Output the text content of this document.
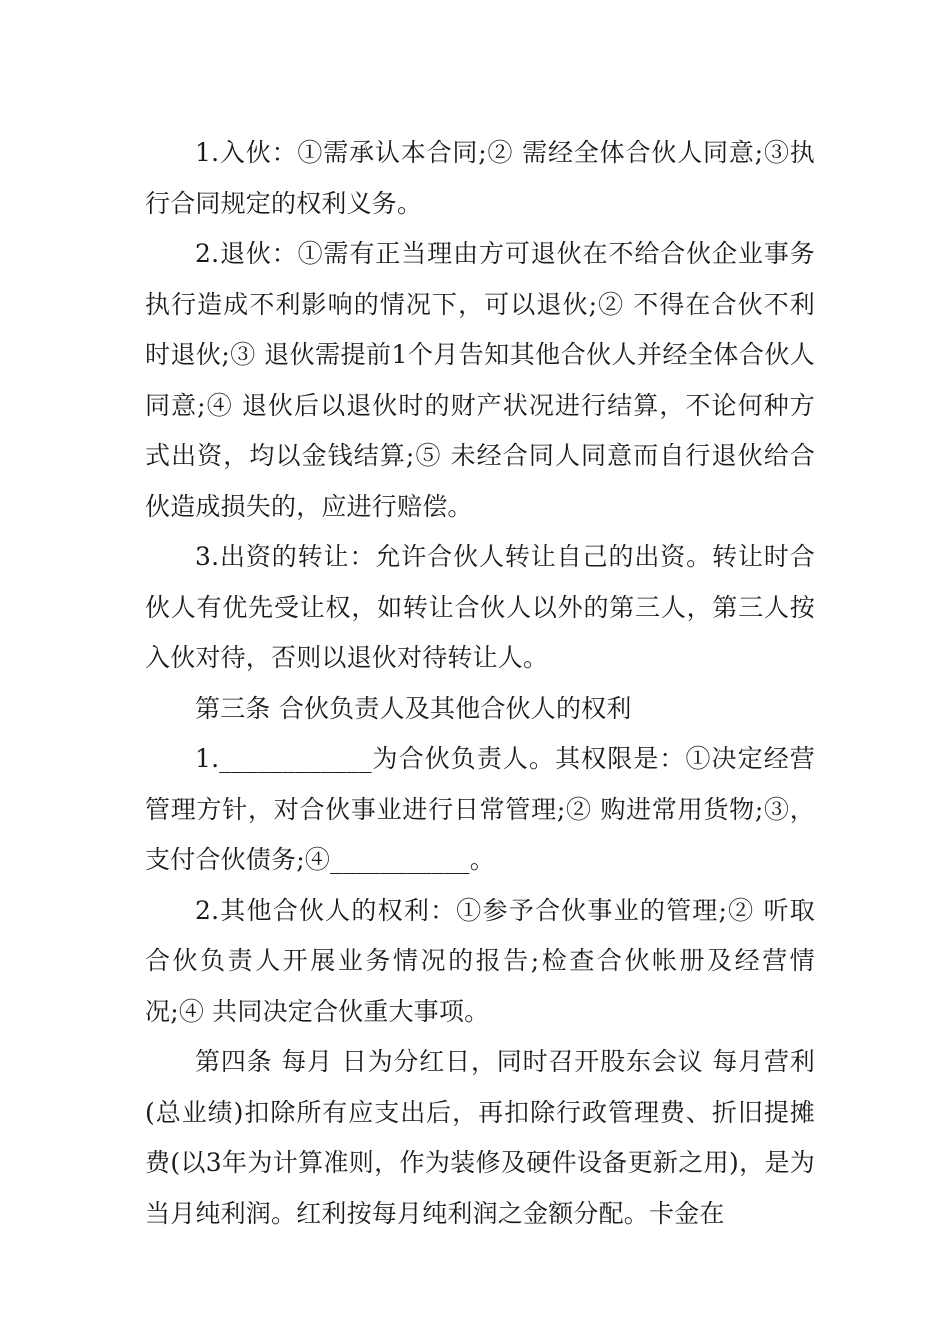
1.入伙：①需承认本合同;② 需经全体合伙人同意;③执行合同规定的权利义务。

2.退伙：①需有正当理由方可退伙在不给合伙企业事务执行造成不利影响的情况下，可以退伙;② 不得在合伙不利时退伙;③ 退伙需提前1个月告知其他合伙人并经全体合伙人同意;④ 退伙后以退伙时的财产状况进行结算，不论何种方式出资，均以金钱结算;⑤ 未经合同人同意而自行退伙给合伙造成损失的，应进行赔偿。

3.出资的转让：允许合伙人转让自己的出资。转让时合伙人有优先受让权，如转让合伙人以外的第三人，第三人按入伙对待，否则以退伙对待转让人。

第三条 合伙负责人及其他合伙人的权利

1.____________为合伙负责人。其权限是：①决定经营管理方针，对合伙事业进行日常管理;② 购进常用货物;③，支付合伙债务;④___________。

2.其他合伙人的权利：①参予合伙事业的管理;② 听取合伙负责人开展业务情况的报告;检查合伙帐册及经营情况;④ 共同决定合伙重大事项。

第四条 每月 日为分红日，同时召开股东会议 每月营利(总业绩)扣除所有应支出后，再扣除行政管理费、折旧提摊费(以3年为计算准则，作为装修及硬件设备更新之用)，是为当月纯利润。红利按每月纯利润之金额分配。卡金在
